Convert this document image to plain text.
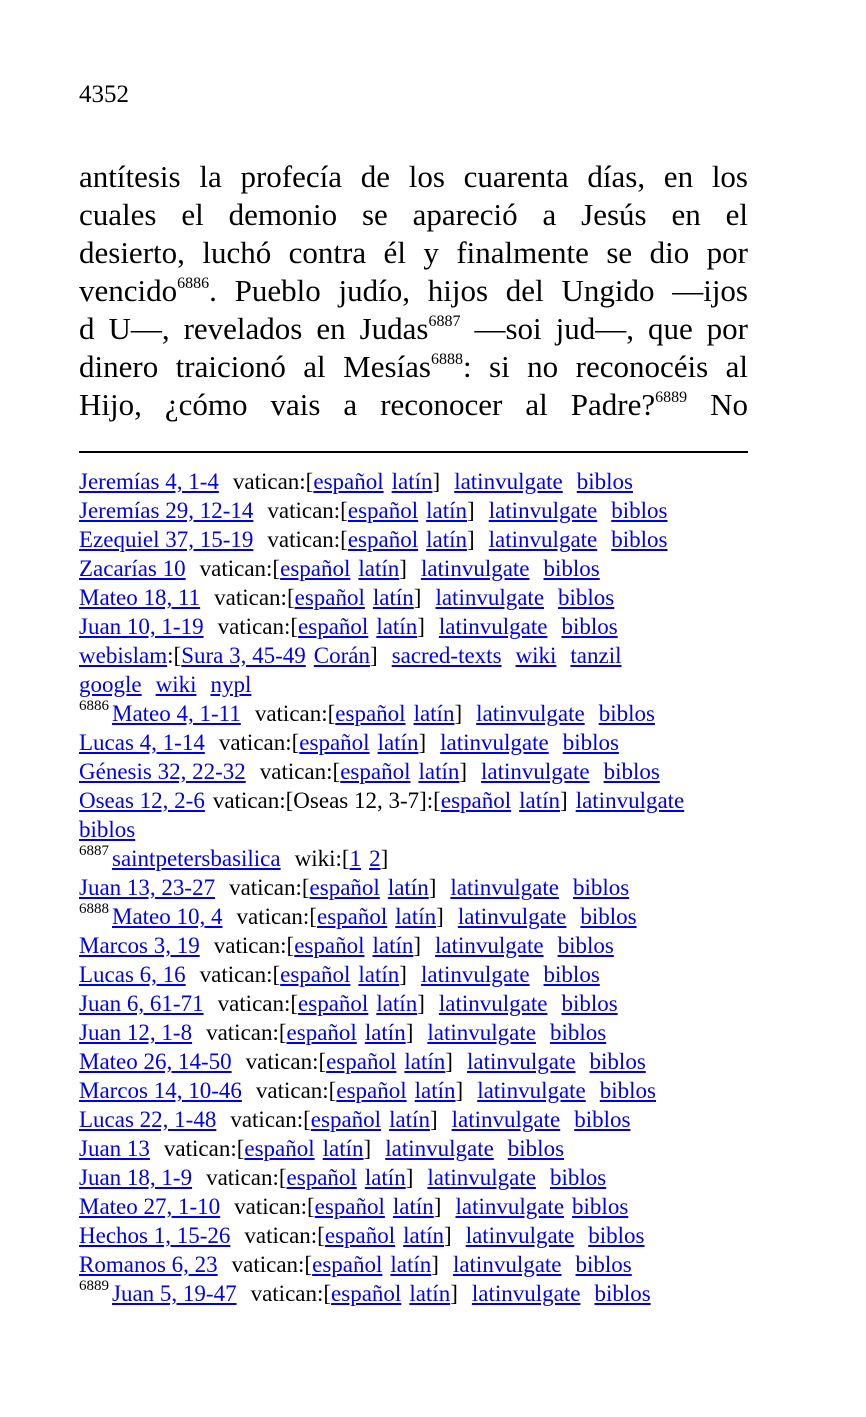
4352
antítesis la profecía de los cuarenta días, en los
cuales el demonio se apareció a Jesús en el
desierto, luchó contra él y finalmente se dio por
vencido$^{6886}$. Pueblo judío, hijos del Ungido —ijos
d U—, revelados en Judas$^{6887}$ —soi jud—, que por
dinero traicionó al Mesías$^{6888}$: si no reconocéis al
Hijo, ¿cómo vais a reconocer al Padre?$^{6889}$ No
Jeremías 4, 1-4 vatican:[español latín] latinvulgate biblos
Jeremías 29, 12-14 vatican:[español latín] latinvulgate biblos
Ezequiel 37, 15-19 vatican:[español latín] latinvulgate biblos
Zacarías 10 vatican:[español latín] latinvulgate biblos
Mateo 18, 11 vatican:[español latín] latinvulgate biblos
Juan 10, 1-19 vatican:[español latín] latinvulgate biblos
webislam:[Sura 3, 45-49 Corán] sacred-texts wiki tanzil
google wiki nypl
$^{6886}$ Mateo 4, 1-11 vatican:[español latín] latinvulgate biblos
Lucas 4, 1-14 vatican:[español latín] latinvulgate biblos
Génesis 32, 22-32 vatican:[español latín] latinvulgate biblos
Oseas 12, 2-6 vatican:[Oseas 12, 3-7]:[español latín] latinvulgate
biblos
$^{6887}$ saintpetersbasilica wiki:[1 2]
Juan 13, 23-27 vatican:[español latín] latinvulgate biblos
$^{6888}$ Mateo 10, 4 vatican:[español latín] latinvulgate biblos
Marcos 3, 19 vatican:[español latín] latinvulgate biblos
Lucas 6, 16 vatican:[español latín] latinvulgate biblos
Juan 6, 61-71 vatican:[español latín] latinvulgate biblos
Juan 12, 1-8 vatican:[español latín] latinvulgate biblos
Mateo 26, 14-50 vatican:[español latín] latinvulgate biblos
Marcos 14, 10-46 vatican:[español latín] latinvulgate biblos
Lucas 22, 1-48 vatican:[español latín] latinvulgate biblos
Juan 13 vatican:[español latín] latinvulgate biblos
Juan 18, 1-9 vatican:[español latín] latinvulgate biblos
Mateo 27, 1-10 vatican:[español latín] latinvulgate biblos
Hechos 1, 15-26 vatican:[español latín] latinvulgate biblos
Romanos 6, 23 vatican:[español latín] latinvulgate biblos
$^{6889}$ Juan 5, 19-47 vatican:[español latín] latinvulgate biblos
